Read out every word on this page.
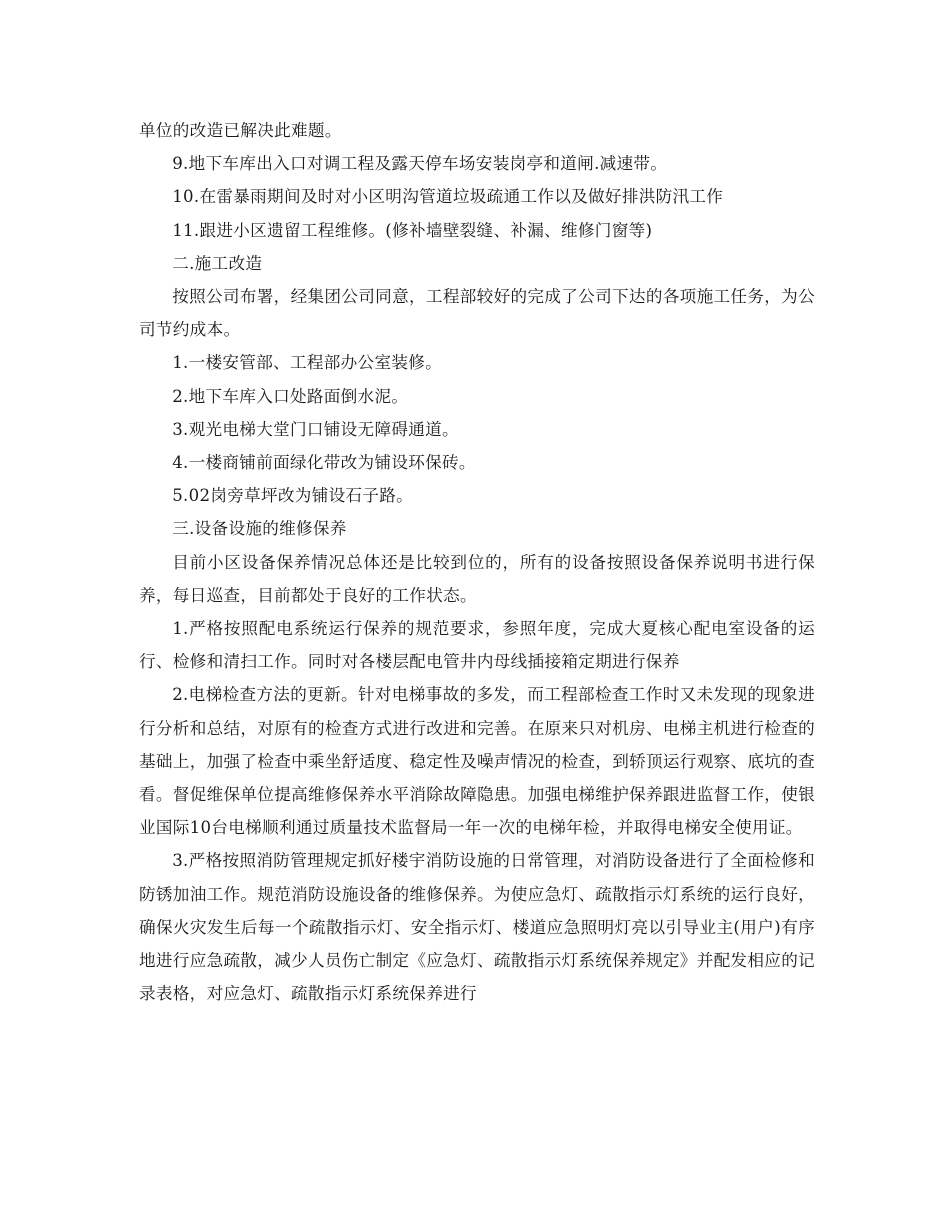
单位的改造已解决此难题。

9.地下车库出入口对调工程及露天停车场安装岗亭和道闸.减速带。

10.在雷暴雨期间及时对小区明沟管道垃圾疏通工作以及做好排洪防汛工作

11.跟进小区遗留工程维修。(修补墙壁裂缝、补漏、维修门窗等)

二.施工改造

按照公司布署，经集团公司同意，工程部较好的完成了公司下达的各项施工任务，为公司节约成本。

1.一楼安管部、工程部办公室装修。

2.地下车库入口处路面倒水泥。

3.观光电梯大堂门口铺设无障碍通道。

4.一楼商铺前面绿化带改为铺设环保砖。

5.02岗旁草坪改为铺设石子路。

三.设备设施的维修保养

目前小区设备保养情况总体还是比较到位的，所有的设备按照设备保养说明书进行保养，每日巡查，目前都处于良好的工作状态。

1.严格按照配电系统运行保养的规范要求，参照年度，完成大夏核心配电室设备的运行、检修和清扫工作。同时对各楼层配电管井内母线插接箱定期进行保养

2.电梯检查方法的更新。针对电梯事故的多发，而工程部检查工作时又未发现的现象进行分析和总结，对原有的检查方式进行改进和完善。在原来只对机房、电梯主机进行检查的基础上，加强了检查中乘坐舒适度、稳定性及噪声情况的检查，到轿顶运行观察、底坑的查看。督促维保单位提高维修保养水平消除故障隐患。加强电梯维护保养跟进监督工作，使银业国际10台电梯顺利通过质量技术监督局一年一次的电梯年检，并取得电梯安全使用证。

3.严格按照消防管理规定抓好楼宇消防设施的日常管理，对消防设备进行了全面检修和防锈加油工作。规范消防设施设备的维修保养。为使应急灯、疏散指示灯系统的运行良好，确保火灾发生后每一个疏散指示灯、安全指示灯、楼道应急照明灯亮以引导业主(用户)有序地进行应急疏散，减少人员伤亡制定《应急灯、疏散指示灯系统保养规定》并配发相应的记录表格，对应急灯、疏散指示灯系统保养进行
